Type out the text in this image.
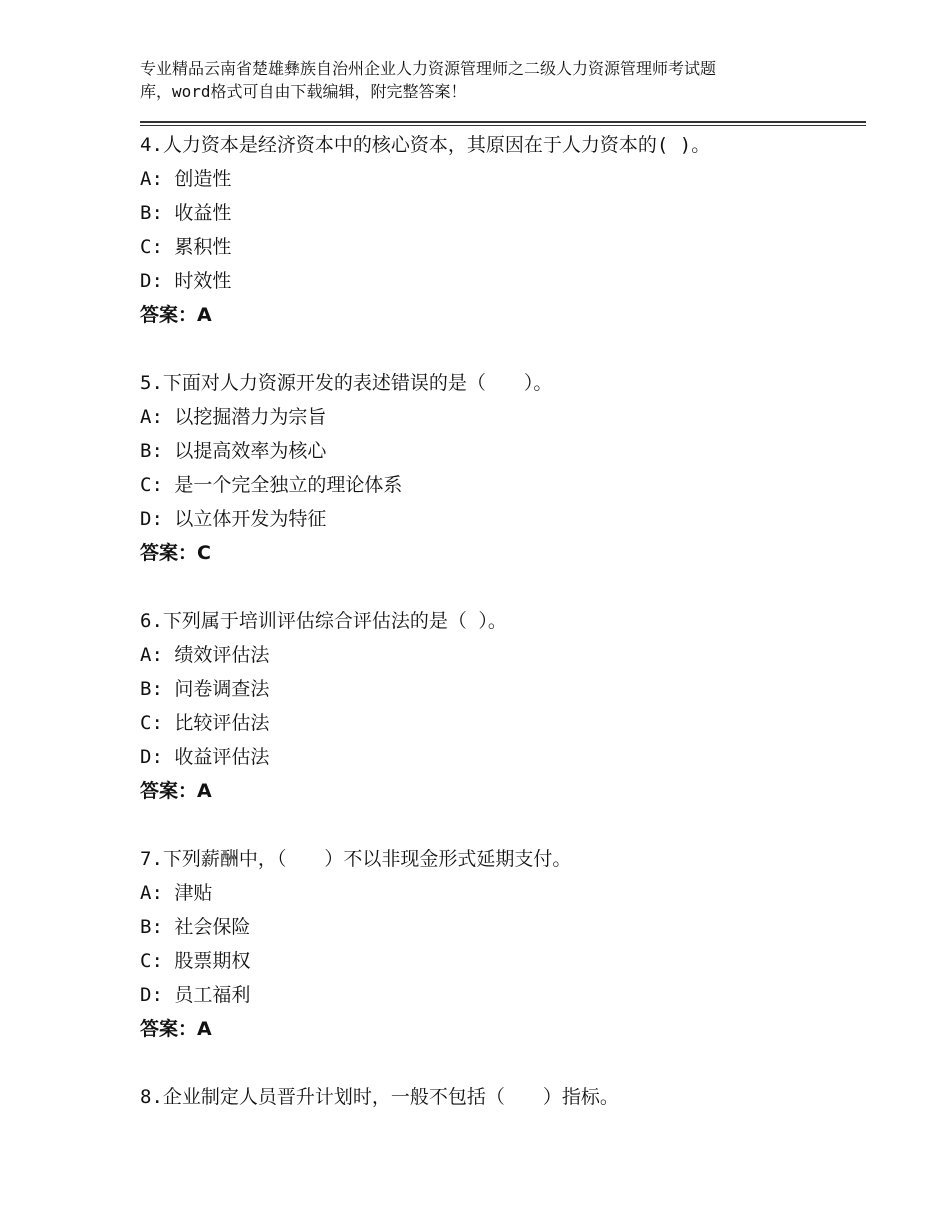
专业精品云南省楚雄彝族自治州企业人力资源管理师之二级人力资源管理师考试题
库，word格式可自由下载编辑，附完整答案！
4.人力资本是经济资本中的核心资本，其原因在于人力资本的( )。
A: 创造性
B: 收益性
C: 累积性
D: 时效性
答案：A
5.下面对人力资源开发的表述错误的是（　　）。
A: 以挖掘潜力为宗旨
B: 以提高效率为核心
C: 是一个完全独立的理论体系
D: 以立体开发为特征
答案：C
6.下列属于培训评估综合评估法的是（ ）。
A: 绩效评估法
B: 问卷调查法
C: 比较评估法
D: 收益评估法
答案：A
7.下列薪酬中，（　　）不以非现金形式延期支付。
A: 津贴
B: 社会保险
C: 股票期权
D: 员工福利
答案：A
8.企业制定人员晋升计划时，一般不包括（　　）指标。
